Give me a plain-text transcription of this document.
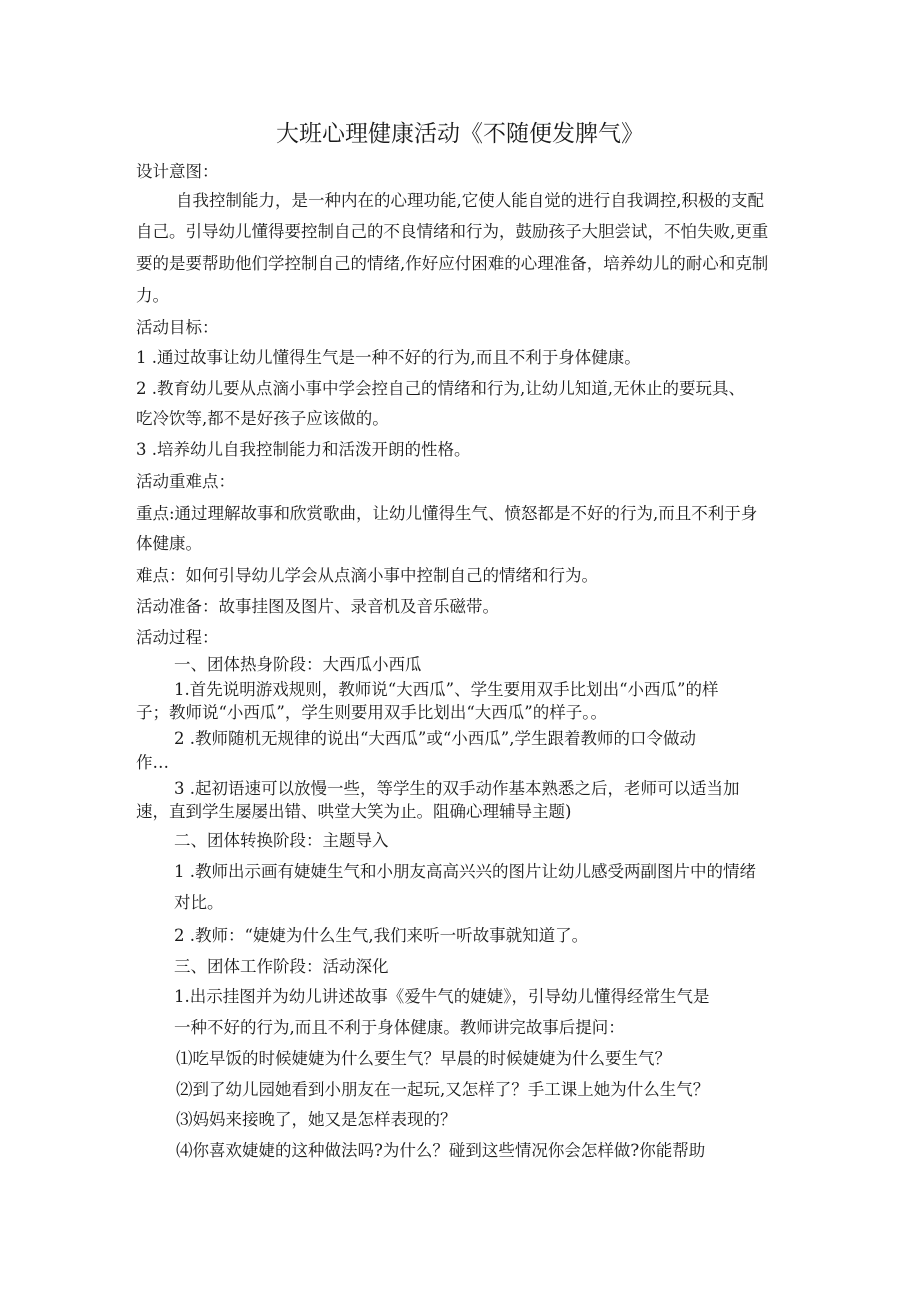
大班心理健康活动《不随便发脾气》
设计意图：
自我控制能力，是一种内在的心理功能,它使人能自觉的进行自我调控,积极的支配
自己。引导幼儿懂得要控制自己的不良情绪和行为，鼓励孩子大胆尝试，不怕失败,更重
要的是要帮助他们学控制自己的情绪,作好应付困难的心理准备，培养幼儿的耐心和克制
力。
活动目标：
1 .通过故事让幼儿懂得生气是一种不好的行为,而且不利于身体健康。
2 .教育幼儿要从点滴小事中学会控自己的情绪和行为,让幼儿知道,无休止的要玩具、
吃冷饮等,都不是好孩子应该做的。
3 .培养幼儿自我控制能力和活泼开朗的性格。
活动重难点：
重点:通过理解故事和欣赏歌曲，让幼儿懂得生气、愤怒都是不好的行为,而且不利于身
体健康。
难点：如何引导幼儿学会从点滴小事中控制自己的情绪和行为。
活动准备：故事挂图及图片、录音机及音乐磁带。
活动过程：
一、团体热身阶段：大西瓜小西瓜
1.首先说明游戏规则，教师说“大西瓜”、学生要用双手比划出“小西瓜”的样
子；教师说“小西瓜”，学生则要用双手比划出“大西瓜”的样子。。
2 .教师随机无规律的说出“大西瓜”或“小西瓜”,学生跟着教师的口令做动
作…
3 .起初语速可以放慢一些，等学生的双手动作基本熟悉之后，老师可以适当加
速，直到学生屡屡出错、哄堂大笑为止。阻确心理辅导主题)
二、团体转换阶段：主题导入
1 .教师出示画有婕婕生气和小朋友高高兴兴的图片让幼儿感受两副图片中的情绪
对比。
2 .教师：“婕婕为什么生气,我们来听一听故事就知道了。
三、团体工作阶段：活动深化
1.出示挂图并为幼儿讲述故事《爱牛气的婕婕》，引导幼儿懂得经常生气是
一种不好的行为,而且不利于身体健康。教师讲完故事后提问：
⑴吃早饭的时候婕婕为什么要生气？早晨的时候婕婕为什么要生气？
⑵到了幼儿园她看到小朋友在一起玩,又怎样了？手工课上她为什么生气？
⑶妈妈来接晚了，她又是怎样表现的？
⑷你喜欢婕婕的这种做法吗?为什么？碰到这些情况你会怎样做?你能帮助
